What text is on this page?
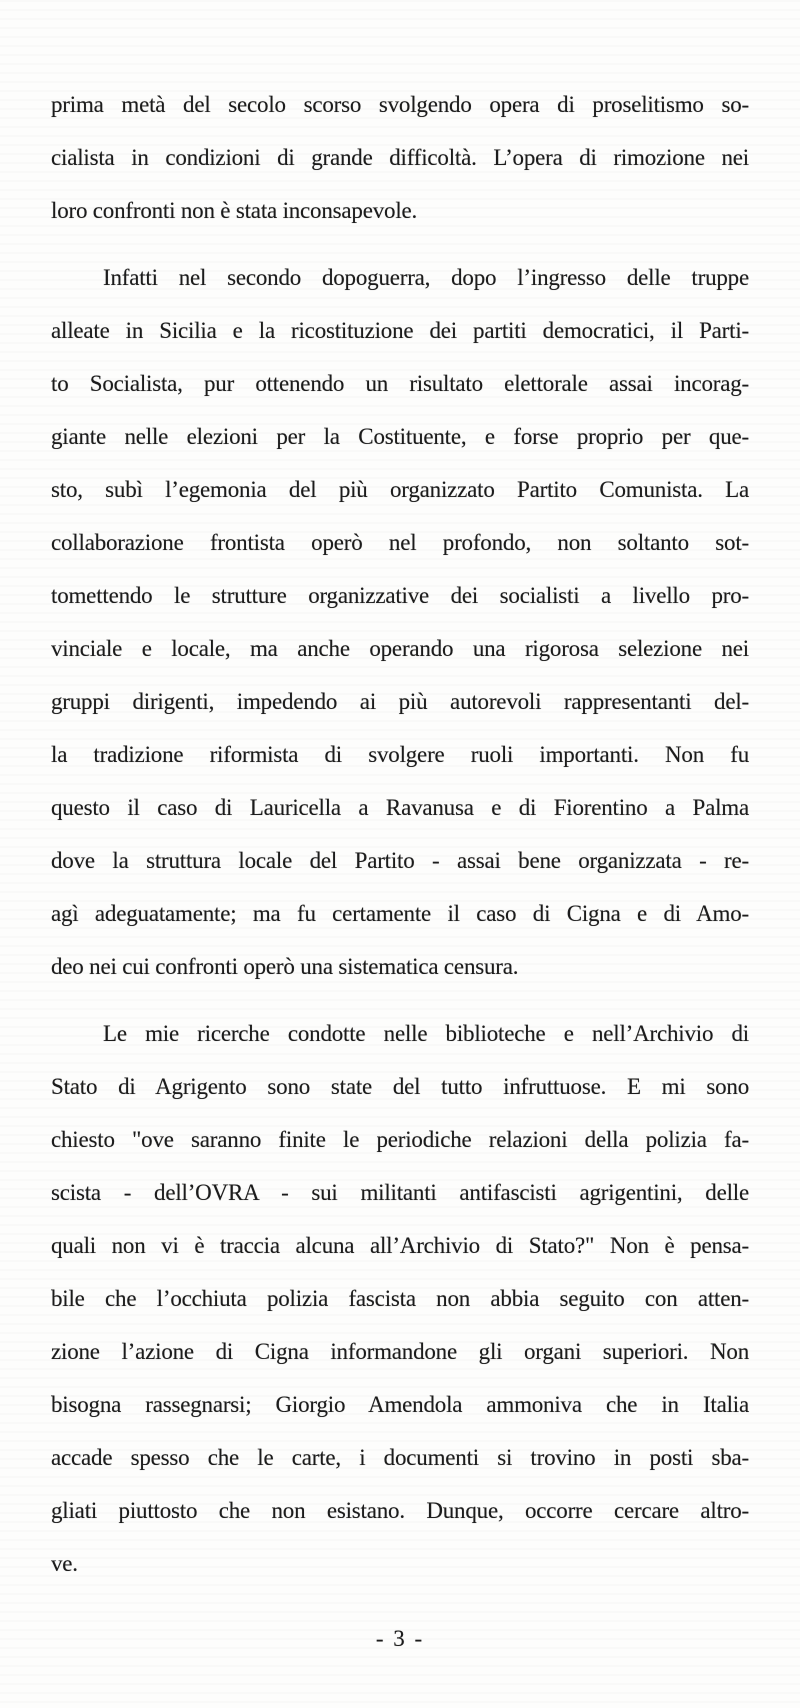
prima metà del secolo scorso svolgendo opera di proselitismo so-
cialista in condizioni di grande difficoltà. L’opera di rimozione nei
loro confronti non è stata inconsapevole.
Infatti nel secondo dopoguerra, dopo l’ingresso delle truppe
alleate in Sicilia e la ricostituzione dei partiti democratici, il Parti-
to Socialista, pur ottenendo un risultato elettorale assai incorag-
giante nelle elezioni per la Costituente, e forse proprio per que-
sto, subì l’egemonia del più organizzato Partito Comunista. La
collaborazione frontista operò nel profondo, non soltanto sot-
tomettendo le strutture organizzative dei socialisti a livello pro-
vinciale e locale, ma anche operando una rigorosa selezione nei
gruppi dirigenti, impedendo ai più autorevoli rappresentanti del-
la tradizione riformista di svolgere ruoli importanti. Non fu
questo il caso di Lauricella a Ravanusa e di Fiorentino a Palma
dove la struttura locale del Partito - assai bene organizzata - re-
agì adeguatamente; ma fu certamente il caso di Cigna e di Amo-
deo nei cui confronti operò una sistematica censura.
Le mie ricerche condotte nelle biblioteche e nell’Archivio di
Stato di Agrigento sono state del tutto infruttuose. E mi sono
chiesto "ove saranno finite le periodiche relazioni della polizia fa-
scista - dell’OVRA - sui militanti antifascisti agrigentini, delle
quali non vi è traccia alcuna all’Archivio di Stato?" Non è pensa-
bile che l’occhiuta polizia fascista non abbia seguito con atten-
zione l’azione di Cigna informandone gli organi superiori. Non
bisogna rassegnarsi; Giorgio Amendola ammoniva che in Italia
accade spesso che le carte, i documenti si trovino in posti sba-
gliati piuttosto che non esistano. Dunque, occorre cercare altro-
ve.
- 3 -
